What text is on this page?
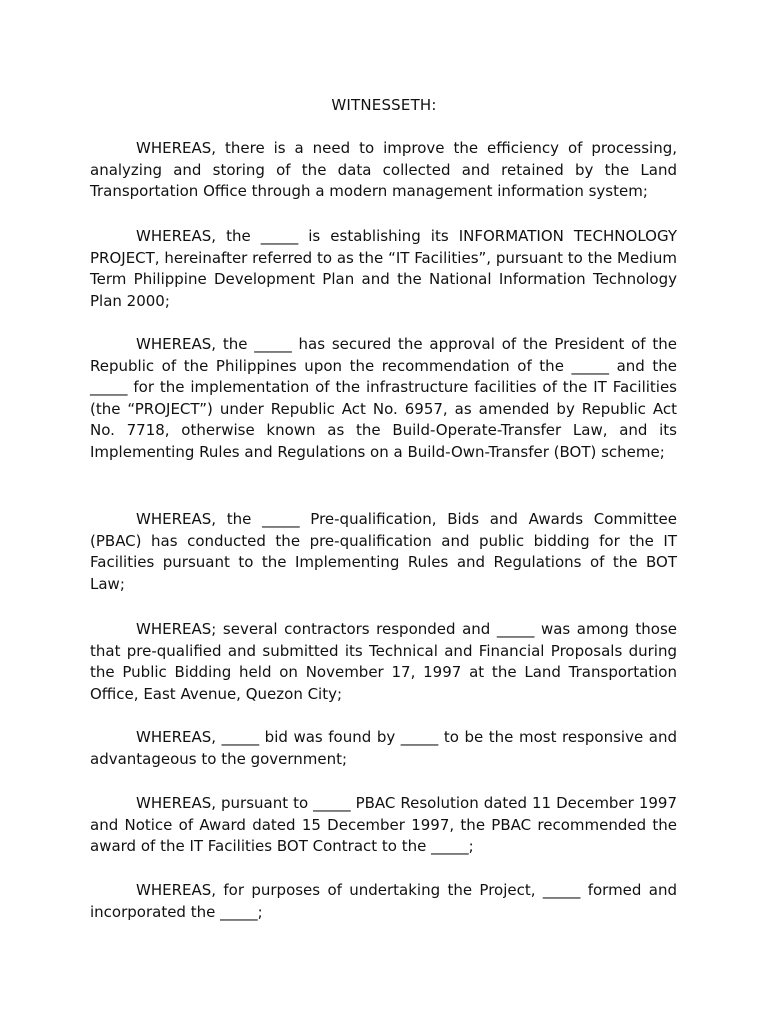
WITNESSETH:

WHEREAS, there is a need to improve the efficiency of processing, analyzing and storing of the data collected and retained by the Land Transportation Office through a modern management information system;

WHEREAS, the _____ is establishing its INFORMATION TECHNOLOGY PROJECT, hereinafter referred to as the “IT Facilities”, pursuant to the Medium Term Philippine Development Plan and the National Information Technology Plan 2000;

WHEREAS, the _____ has secured the approval of the President of the Republic of the Philippines upon the recommendation of the _____ and the _____ for the implementation of the infrastructure facilities of the IT Facilities (the “PROJECT”) under Republic Act No. 6957, as amended by Republic Act No. 7718, otherwise known as the Build-Operate-Transfer Law, and its Implementing Rules and Regulations on a Build-Own-Transfer (BOT) scheme;

WHEREAS, the _____ Pre-qualification, Bids and Awards Committee (PBAC) has conducted the pre-qualification and public bidding for the IT Facilities pursuant to the Implementing Rules and Regulations of the BOT Law;

WHEREAS; several contractors responded and _____ was among those that pre-qualified and submitted its Technical and Financial Proposals during the Public Bidding held on November 17, 1997 at the Land Transportation Office, East Avenue, Quezon City;

WHEREAS, _____ bid was found by _____ to be the most responsive and advantageous to the government;

WHEREAS, pursuant to _____ PBAC Resolution dated 11 December 1997 and Notice of Award dated 15 December 1997, the PBAC recommended the award of the IT Facilities BOT Contract to the _____;

WHEREAS, for purposes of undertaking the Project, _____ formed and incorporated the _____;
